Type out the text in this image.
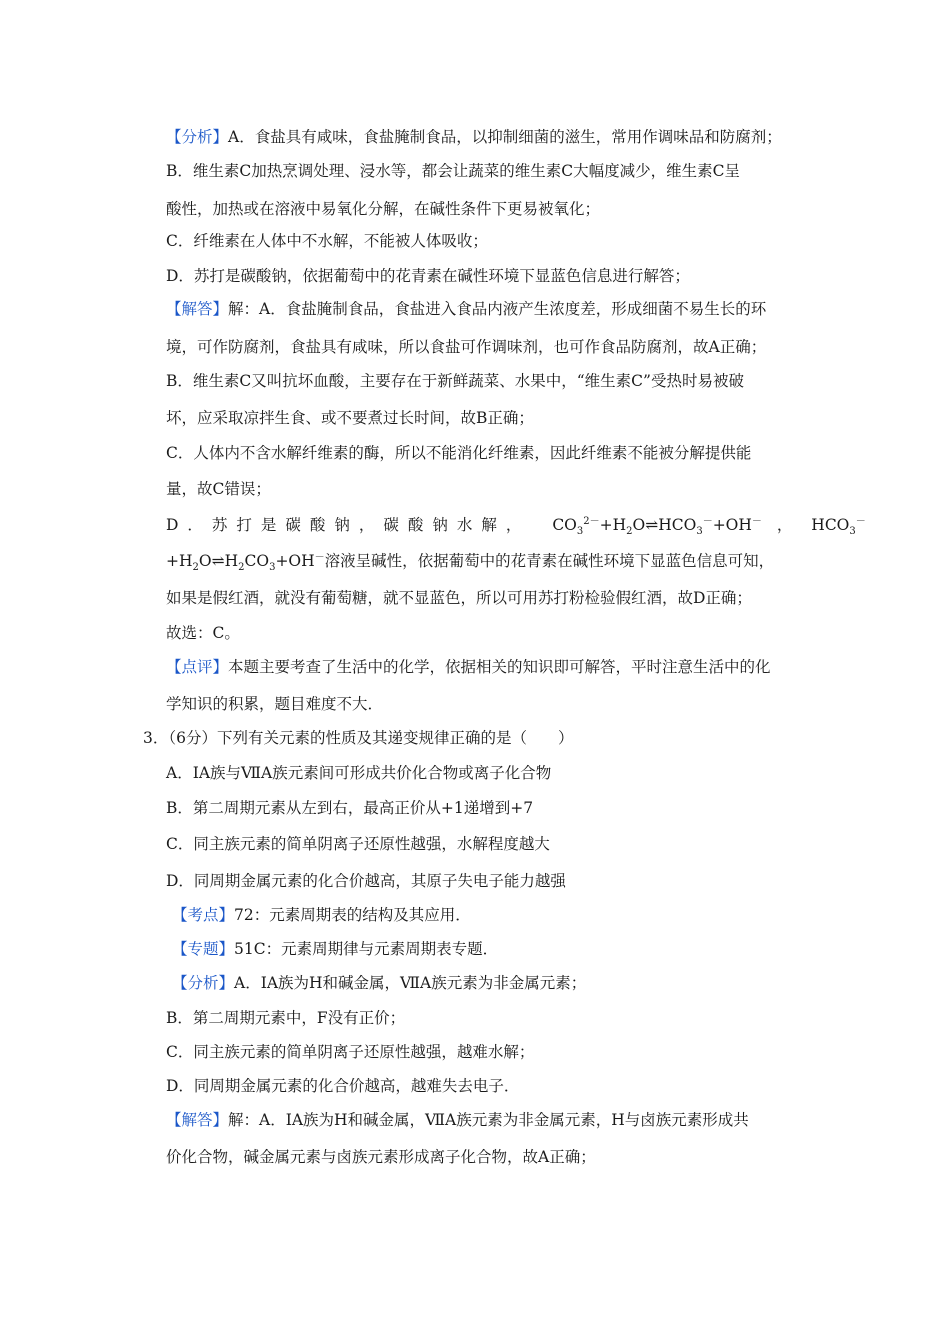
【分析】A．食盐具有咸味，食盐腌制食品，以抑制细菌的滋生，常用作调味品和防腐剂；
B．维生素C加热烹调处理、浸水等，都会让蔬菜的维生素C大幅度减少，维生素C呈
酸性，加热或在溶液中易氧化分解，在碱性条件下更易被氧化；
C．纤维素在人体中不水解，不能被人体吸收；
D．苏打是碳酸钠，依据葡萄中的花青素在碱性环境下显蓝色信息进行解答；
【解答】解：A．食盐腌制食品，食盐进入食品内液产生浓度差，形成细菌不易生长的环
境，可作防腐剂，食盐具有咸味，所以食盐可作调味剂，也可作食品防腐剂，故A正确；
B．维生素C又叫抗坏血酸，主要存在于新鲜蔬菜、水果中，“维生素C”受热时易被破
坏，应采取凉拌生食、或不要煮过长时间，故B正确；
C．人体内不含水解纤维素的酶，所以不能消化纤维素，因此纤维素不能被分解提供能
量，故C错误；
D．苏打是碳酸钠，碳酸钠水解， $CO_3^{2-}+H_2O\rightleftharpoons HCO_3^-+OH^-$ ， $HCO_3^-$
$+H_2O\rightleftharpoons H_2CO_3+OH^-$溶液呈碱性，依据葡萄中的花青素在碱性环境下显蓝色信息可知，
如果是假红酒，就没有葡萄糖，就不显蓝色，所以可用苏打粉检验假红酒，故D正确；
故选：C。
【点评】本题主要考查了生活中的化学，依据相关的知识即可解答，平时注意生活中的化
学知识的积累，题目难度不大．
3．（6分）下列有关元素的性质及其递变规律正确的是（　　）
A．ⅠA族与ⅦA族元素间可形成共价化合物或离子化合物
B．第二周期元素从左到右，最高正价从+1递增到+7
C．同主族元素的简单阴离子还原性越强，水解程度越大
D．同周期金属元素的化合价越高，其原子失电子能力越强
【考点】72：元素周期表的结构及其应用．
【专题】51C：元素周期律与元素周期表专题．
【分析】A．ⅠA族为H和碱金属，ⅦA族元素为非金属元素；
B．第二周期元素中，F没有正价；
C．同主族元素的简单阴离子还原性越强，越难水解；
D．同周期金属元素的化合价越高，越难失去电子．
【解答】解：A．ⅠA族为H和碱金属，ⅦA族元素为非金属元素，H与卤族元素形成共
价化合物，碱金属元素与卤族元素形成离子化合物，故A正确；
